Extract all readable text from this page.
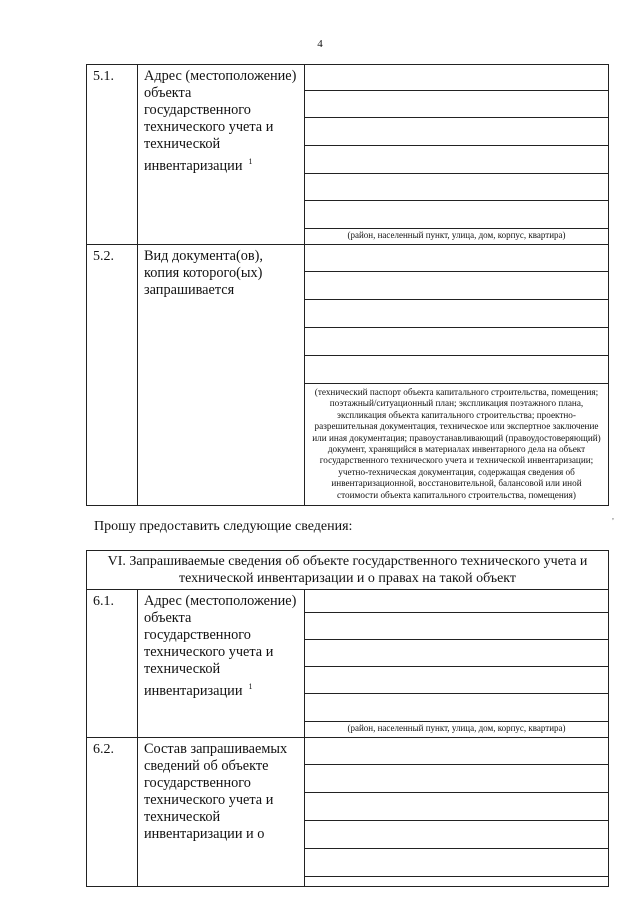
4
5.1.	Адрес (местоположение) объекта государственного технического учета и технической инвентаризации $^1$	(район, населенный пункт, улица, дом, корпус, квартира)

5.2.	Вид документа(ов), копия которого(ых) запрашивается	(технический паспорт объекта капитального строительства, помещения; поэтажный/ситуационный план; экспликация поэтажного плана, экспликация объекта капитального строительства; проектно-разрешительная документация, техническое или экспертное заключение или иная документация; правоустанавливающий (правоудостоверяющий) документ, хранящийся в материалах инвентарного дела на объект государственного технического учета и технической инвентаризации; учетно-техническая документация, содержащая сведения об инвентаризационной, восстановительной, балансовой или иной стоимости объекта капитального строительства, помещения)
Прошу предоставить следующие сведения:
,
VI. Запрашиваемые сведения об объекте государственного технического учета и технической инвентаризации и о правах на такой объект		
6.1.	Адрес (местоположение) объекта государственного технического учета и технической инвентаризации $^1$	(район, населенный пункт, улица, дом, корпус, квартира)

6.2.	Состав запрашиваемых сведений об объекте государственного технического учета и технической инвентаризации и о	
